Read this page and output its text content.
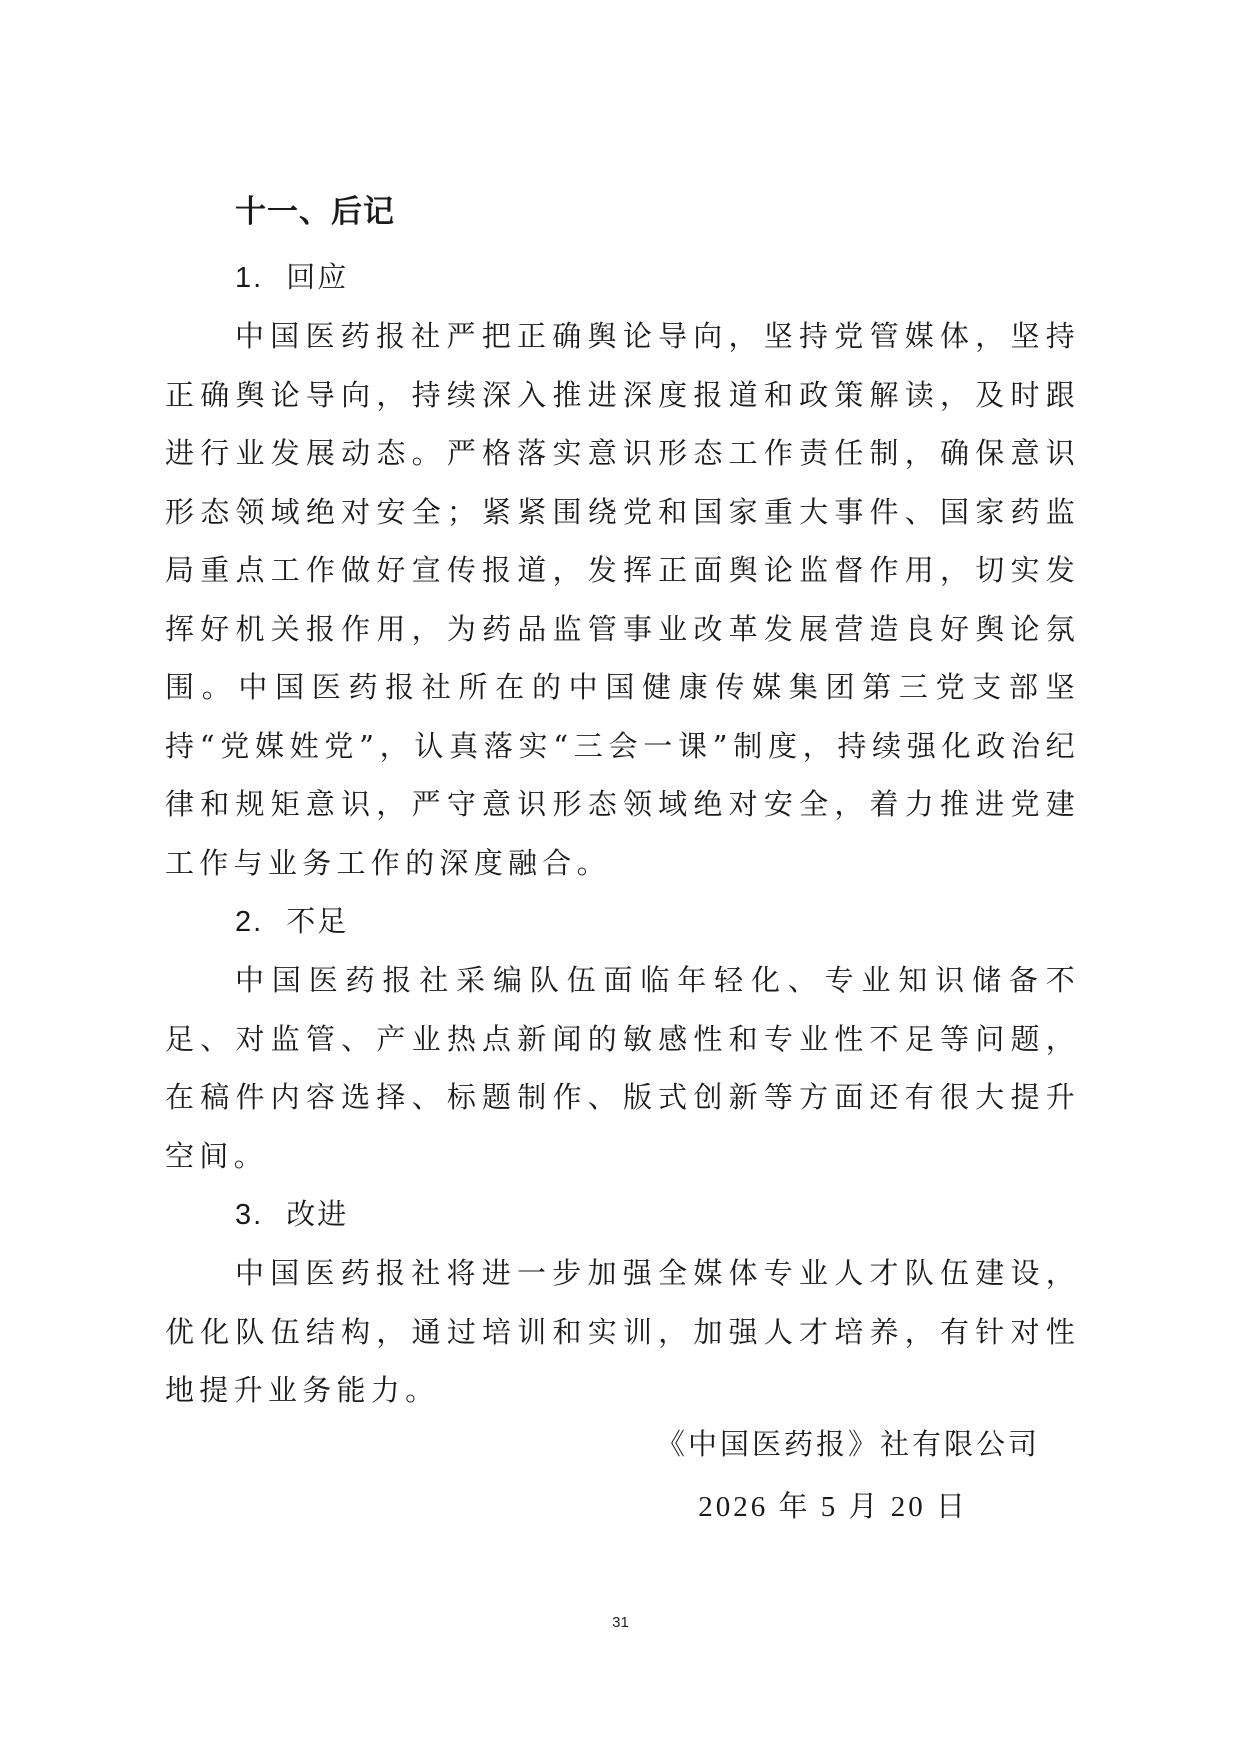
十一、后记

1. 回应

中国医药报社严把正确舆论导向，坚持党管媒体，坚持正确舆论导向，持续深入推进深度报道和政策解读，及时跟进行业发展动态。严格落实意识形态工作责任制，确保意识形态领域绝对安全；紧紧围绕党和国家重大事件、国家药监局重点工作做好宣传报道，发挥正面舆论监督作用，切实发挥好机关报作用，为药品监管事业改革发展营造良好舆论氛围。中国医药报社所在的中国健康传媒集团第三党支部坚持“党媒姓党”，认真落实“三会一课”制度，持续强化政治纪律和规矩意识，严守意识形态领域绝对安全，着力推进党建工作与业务工作的深度融合。

2. 不足

中国医药报社采编队伍面临年轻化、专业知识储备不足、对监管、产业热点新闻的敏感性和专业性不足等问题，在稿件内容选择、标题制作、版式创新等方面还有很大提升空间。

3. 改进

中国医药报社将进一步加强全媒体专业人才队伍建设，优化队伍结构，通过培训和实训，加强人才培养，有针对性地提升业务能力。

《中国医药报》社有限公司
2026 年 5 月 20 日
31
